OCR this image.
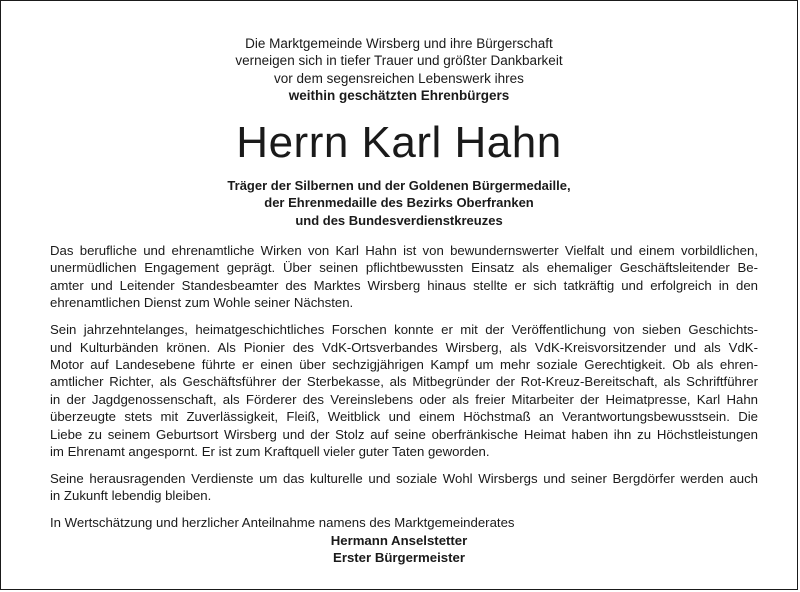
Die Marktgemeinde Wirsberg und ihre Bürgerschaft
verneigen sich in tiefer Trauer und größter Dankbarkeit
vor dem segensreichen Lebenswerk ihres
weithin geschätzten Ehrenbürgers
Herrn Karl Hahn
Träger der Silbernen und der Goldenen Bürgermedaille,
der Ehrenmedaille des Bezirks Oberfranken
und des Bundesverdienstkreuzes

Das berufliche und ehrenamtliche Wirken von Karl Hahn ist von bewundernswerter Vielfalt und einem vorbildlichen,
unermüdlichen Engagement geprägt. Über seinen pflichtbewussten Einsatz als ehemaliger Geschäftsleitender Be-
amter und Leitender Standesbeamter des Marktes Wirsberg hinaus stellte er sich tatkräftig und erfolgreich in den
ehrenamtlichen Dienst zum Wohle seiner Nächsten.

Sein jahrzehntelanges, heimatgeschichtliches Forschen konnte er mit der Veröffentlichung von sieben Geschichts-
und Kulturbänden krönen. Als Pionier des VdK-Ortsverbandes Wirsberg, als VdK-Kreisvorsitzender und als VdK-
Motor auf Landesebene führte er einen über sechzigjährigen Kampf um mehr soziale Gerechtigkeit. Ob als ehren-
amtlicher Richter, als Geschäftsführer der Sterbekasse, als Mitbegründer der Rot-Kreuz-Bereitschaft, als Schriftführer
in der Jagdgenossenschaft, als Förderer des Vereinslebens oder als freier Mitarbeiter der Heimatpresse, Karl Hahn
überzeugte stets mit Zuverlässigkeit, Fleiß, Weitblick und einem Höchstmaß an Verantwortungsbewusstsein. Die
Liebe zu seinem Geburtsort Wirsberg und der Stolz auf seine oberfränkische Heimat haben ihn zu Höchstleistungen
im Ehrenamt angespornt. Er ist zum Kraftquell vieler guter Taten geworden.

Seine herausragenden Verdienste um das kulturelle und soziale Wohl Wirsbergs und seiner Bergdörfer werden auch
in Zukunft lebendig bleiben.

In Wertschätzung und herzlicher Anteilnahme namens des Marktgemeinderates

Hermann Anselstetter
Erster Bürgermeister
